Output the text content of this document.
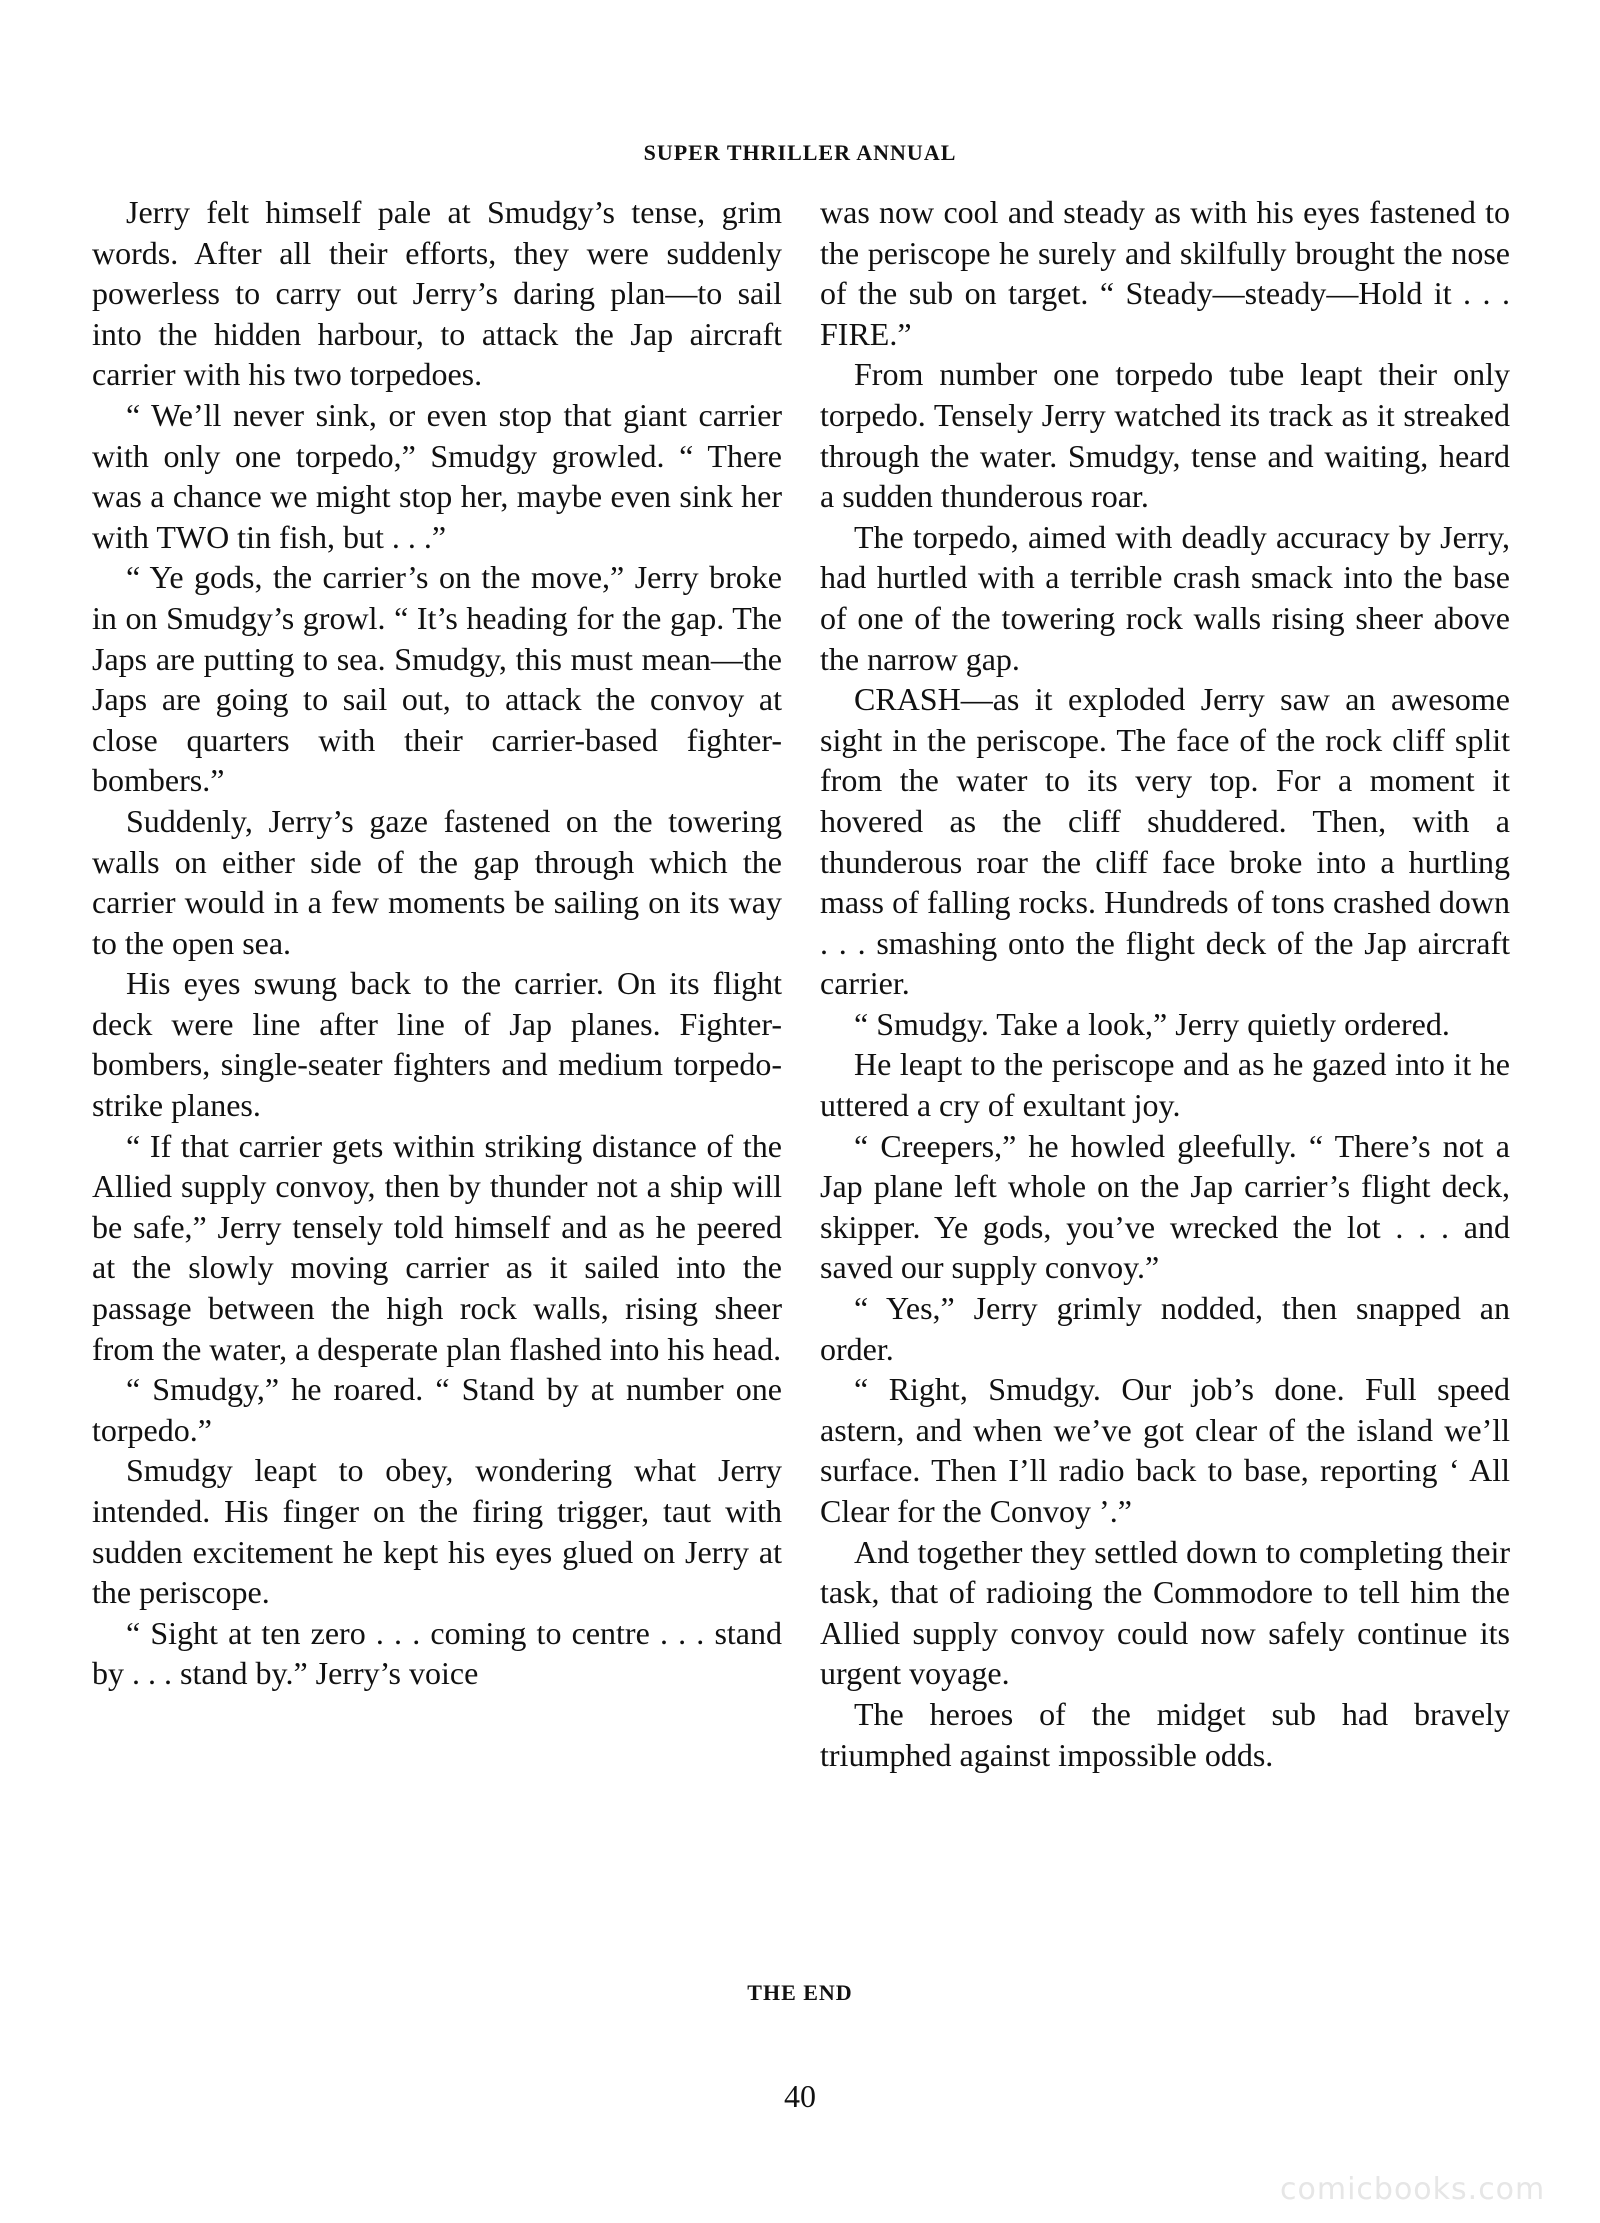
SUPER THRILLER ANNUAL

Jerry felt himself pale at Smudgy’s tense, grim words. After all their efforts, they were suddenly powerless to carry out Jerry’s daring plan—to sail into the hidden harbour, to attack the Jap aircraft carrier with his two torpedoes.

“ We’ll never sink, or even stop that giant carrier with only one torpedo,” Smudgy growled. “ There was a chance we might stop her, maybe even sink her with TWO tin fish, but . . .”

“ Ye gods, the carrier’s on the move,” Jerry broke in on Smudgy’s growl. “ It’s heading for the gap. The Japs are putting to sea. Smudgy, this must mean—the Japs are going to sail out, to attack the convoy at close quarters with their carrier-based fighter-bombers.”

Suddenly, Jerry’s gaze fastened on the towering walls on either side of the gap through which the carrier would in a few moments be sailing on its way to the open sea.

His eyes swung back to the carrier. On its flight deck were line after line of Jap planes. Fighter-bombers, single-seater fighters and medium torpedo-strike planes.

“ If that carrier gets within striking distance of the Allied supply convoy, then by thunder not a ship will be safe,” Jerry tensely told himself and as he peered at the slowly moving carrier as it sailed into the passage between the high rock walls, rising sheer from the water, a desperate plan flashed into his head.

“ Smudgy,” he roared. “ Stand by at number one torpedo.”

Smudgy leapt to obey, wondering what Jerry intended. His finger on the firing trigger, taut with sudden excitement he kept his eyes glued on Jerry at the periscope.

“ Sight at ten zero . . . coming to centre . . . stand by . . . stand by.” Jerry’s voice

was now cool and steady as with his eyes fastened to the periscope he surely and skilfully brought the nose of the sub on target. “ Steady—steady—Hold it . . . FIRE.”

From number one torpedo tube leapt their only torpedo. Tensely Jerry watched its track as it streaked through the water. Smudgy, tense and waiting, heard a sudden thunderous roar.

The torpedo, aimed with deadly accuracy by Jerry, had hurtled with a terrible crash smack into the base of one of the towering rock walls rising sheer above the narrow gap.

CRASH—as it exploded Jerry saw an awesome sight in the periscope. The face of the rock cliff split from the water to its very top. For a moment it hovered as the cliff shuddered. Then, with a thunderous roar the cliff face broke into a hurtling mass of falling rocks. Hundreds of tons crashed down . . . smashing onto the flight deck of the Jap aircraft carrier.

“ Smudgy. Take a look,” Jerry quietly ordered.

He leapt to the periscope and as he gazed into it he uttered a cry of exultant joy.

“ Creepers,” he howled gleefully. “ There’s not a Jap plane left whole on the Jap carrier’s flight deck, skipper. Ye gods, you’ve wrecked the lot . . . and saved our supply convoy.”

“ Yes,” Jerry grimly nodded, then snapped an order.

“ Right, Smudgy. Our job’s done. Full speed astern, and when we’ve got clear of the island we’ll surface. Then I’ll radio back to base, reporting ‘ All Clear for the Convoy ’.”

And together they settled down to completing their task, that of radioing the Commodore to tell him the Allied supply convoy could now safely continue its urgent voyage.

The heroes of the midget sub had bravely triumphed against impossible odds.

THE END
40
comicbooks.com
